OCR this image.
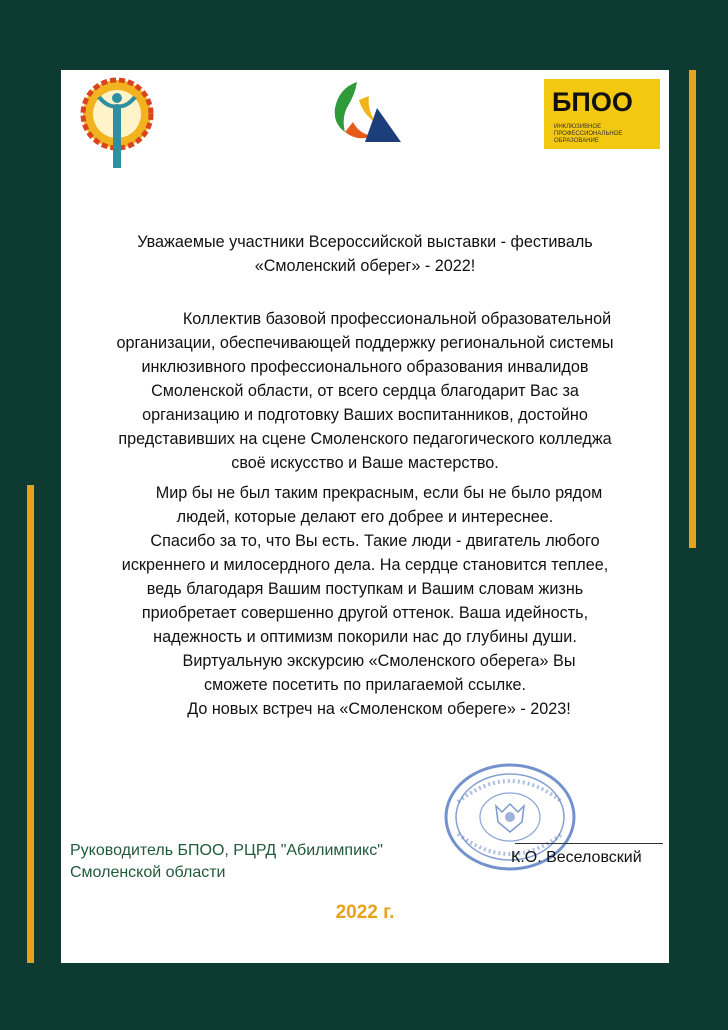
БПОО
ИНКЛЮЗИВНОЕ ПРОФЕССИОНАЛЬНОЕ ОБРАЗОВАНИЕ
Уважаемые участники Всероссийской выставки - фестиваль
«Смоленский оберег» - 2022!
Коллектив базовой профессиональной образовательной
организации, обеспечивающей поддержку региональной системы
инклюзивного профессионального образования инвалидов
Смоленской области, от всего сердца благодарит Вас за
организацию и подготовку Ваших воспитанников, достойно
представивших на сцене Смоленского педагогического колледжа
своё искусство и Ваше мастерство.
Мир бы не был таким прекрасным, если бы не было рядом
людей, которые делают его добрее и интереснее.
Спасибо за то, что Вы есть. Такие люди - двигатель любого
искреннего и милосердного дела. На сердце становится теплее,
ведь благодаря Вашим поступкам и Вашим словам жизнь
приобретает совершенно другой оттенок. Ваша идейность,
надежность и оптимизм покорили нас до глубины души.
Виртуальную экскурсию «Смоленского оберега» Вы
сможете посетить по прилагаемой ссылке.
До новых встреч на «Смоленском обереге» - 2023!
К.О. Веселовский
Руководитель БПОО, РЦРД "Абилимпикс"
Смоленской области
2022 г.
